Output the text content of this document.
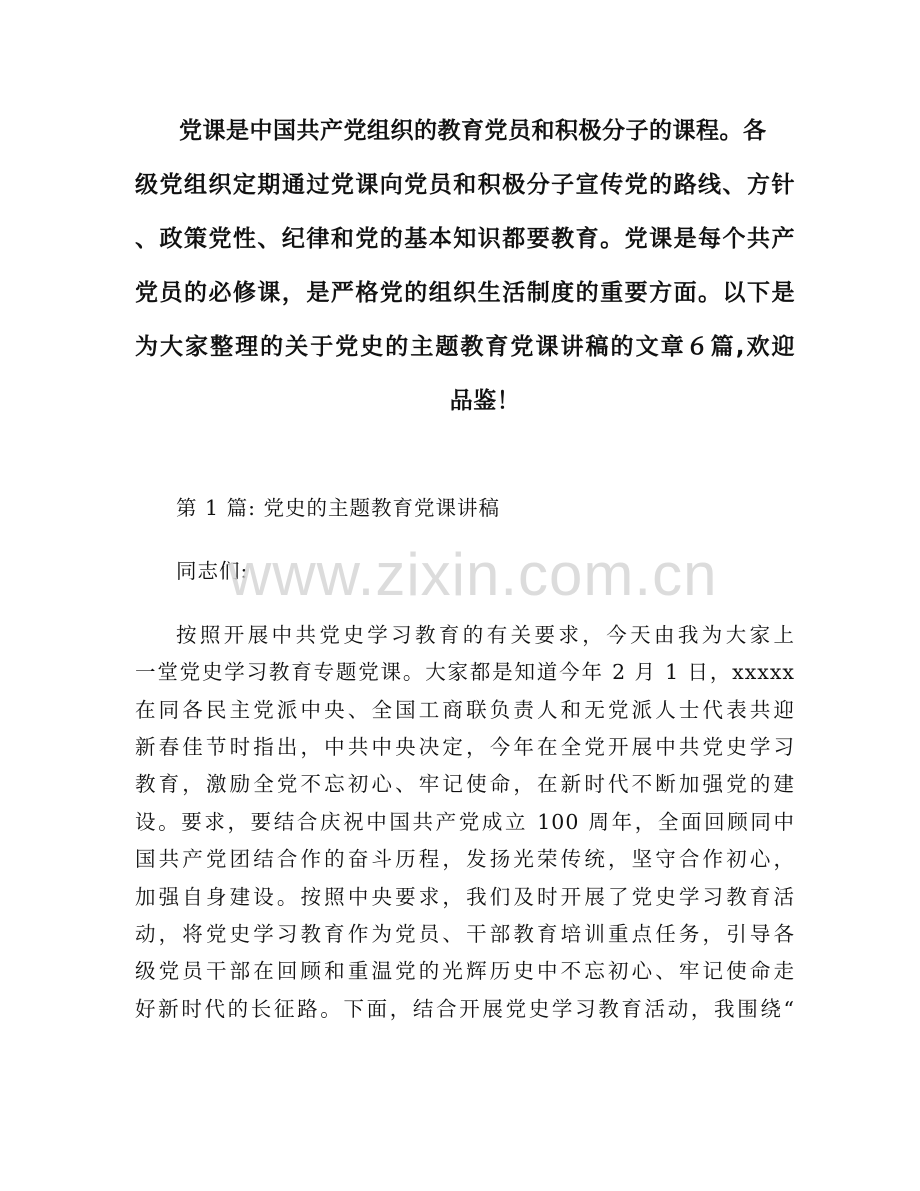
党课是中国共产党组织的教育党员和积极分子的课程。各
级党组织定期通过党课向党员和积极分子宣传党的路线、方针
、政策党性、纪律和党的基本知识都要教育。党课是每个共产
党员的必修课，是严格党的组织生活制度的重要方面。以下是
为大家整理的关于党史的主题教育党课讲稿的文章６篇,欢迎
品鉴！
第 1 篇: 党史的主题教育党课讲稿
同志们:
按照开展中共党史学习教育的有关要求，今天由我为大家上
一堂党史学习教育专题党课。大家都是知道今年 2 月 1 日，xxxxx
在同各民主党派中央、全国工商联负责人和无党派人士代表共迎
新春佳节时指出，中共中央决定，今年在全党开展中共党史学习
教育，激励全党不忘初心、牢记使命，在新时代不断加强党的建
设。要求，要结合庆祝中国共产党成立 100 周年，全面回顾同中
国共产党团结合作的奋斗历程，发扬光荣传统，坚守合作初心，
加强自身建设。按照中央要求，我们及时开展了党史学习教育活
动，将党史学习教育作为党员、干部教育培训重点任务，引导各
级党员干部在回顾和重温党的光辉历史中不忘初心、牢记使命走
好新时代的长征路。下面，结合开展党史学习教育活动，我围绕“
www.zixin.com.cn
